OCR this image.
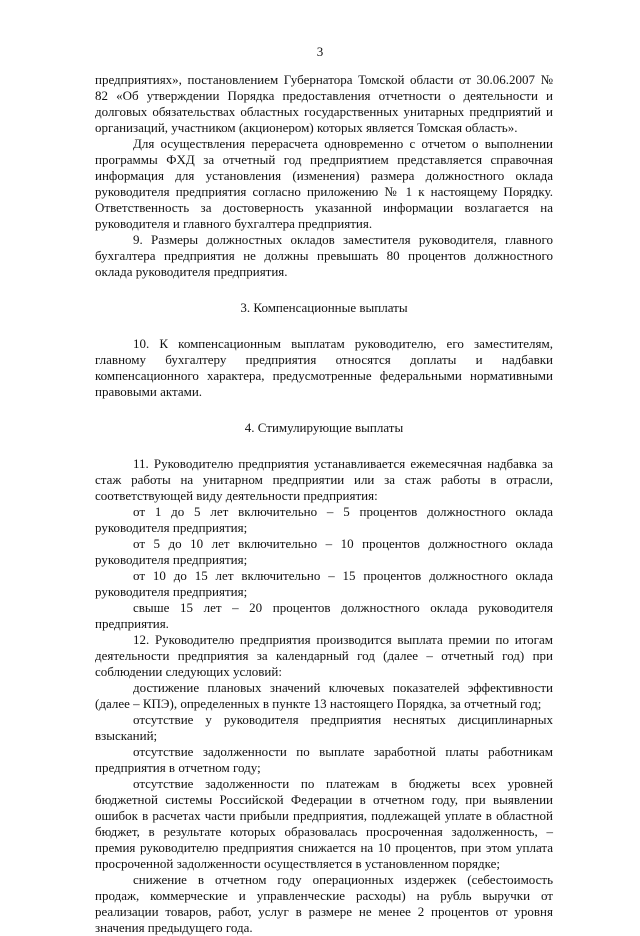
3

предприятиях», постановлением Губернатора Томской области от 30.06.2007 № 82 «Об утверждении Порядка предоставления отчетности о деятельности и долговых обязательствах областных государственных унитарных предприятий и организаций, участником (акционером) которых является Томская область».

Для осуществления перерасчета одновременно с отчетом о выполнении программы ФХД за отчетный год предприятием представляется справочная информация для установления (изменения) размера должностного оклада руководителя предприятия согласно приложению № 1 к настоящему Порядку. Ответственность за достоверность указанной информации возлагается на руководителя и главного бухгалтера предприятия.

9. Размеры должностных окладов заместителя руководителя, главного бухгалтера предприятия не должны превышать 80 процентов должностного оклада руководителя предприятия.

3. Компенсационные выплаты

10. К компенсационным выплатам руководителю, его заместителям, главному бухгалтеру предприятия относятся доплаты и надбавки компенсационного характера, предусмотренные федеральными нормативными правовыми актами.

4. Стимулирующие выплаты

11. Руководителю предприятия устанавливается ежемесячная надбавка за стаж работы на унитарном предприятии или за стаж работы в отрасли, соответствующей виду деятельности предприятия:

от 1 до 5 лет включительно – 5 процентов должностного оклада руководителя предприятия;

от 5 до 10 лет включительно – 10 процентов должностного оклада руководителя предприятия;

от 10 до 15 лет включительно – 15 процентов должностного оклада руководителя предприятия;

свыше 15 лет – 20 процентов должностного оклада руководителя предприятия.

12. Руководителю предприятия производится выплата премии по итогам деятельности предприятия за календарный год (далее – отчетный год) при соблюдении следующих условий:

достижение плановых значений ключевых показателей эффективности (далее – КПЭ), определенных в пункте 13 настоящего Порядка, за отчетный год;

отсутствие у руководителя предприятия неснятых дисциплинарных взысканий;

отсутствие задолженности по выплате заработной платы работникам предприятия в отчетном году;

отсутствие задолженности по платежам в бюджеты всех уровней бюджетной системы Российской Федерации в отчетном году, при выявлении ошибок в расчетах части прибыли предприятия, подлежащей уплате в областной бюджет, в результате которых образовалась просроченная задолженность, – премия руководителю предприятия снижается на 10 процентов, при этом уплата просроченной задолженности осуществляется в установленном порядке;

снижение в отчетном году операционных издержек (себестоимость продаж, коммерческие и управленческие расходы) на рубль выручки от реализации товаров, работ, услуг в размере не менее 2 процентов от уровня значения предыдущего года.
